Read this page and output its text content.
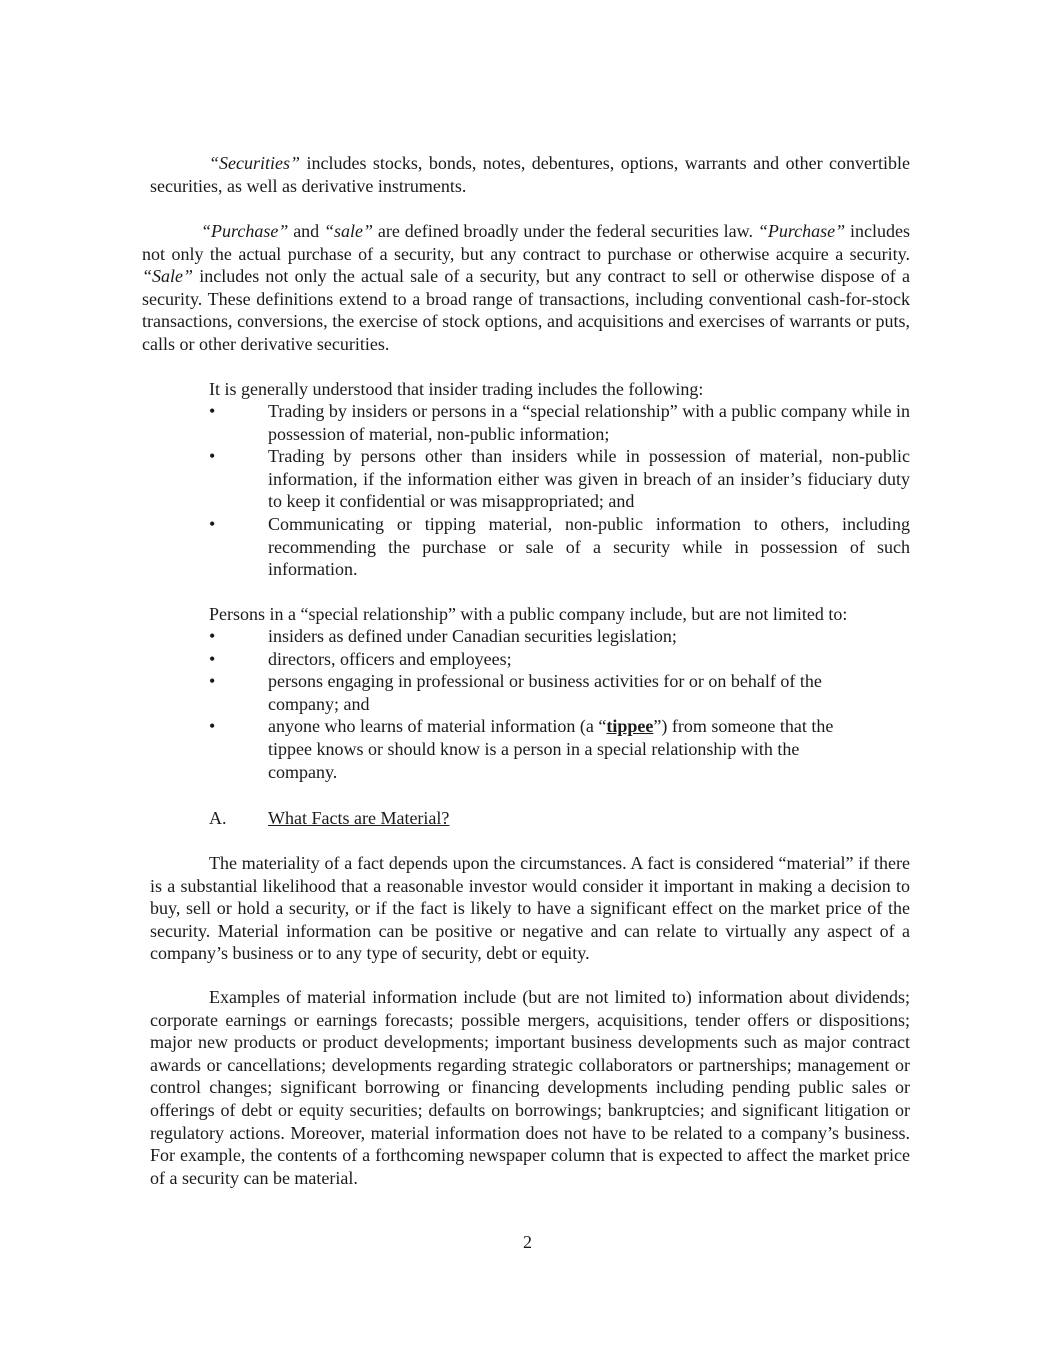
“Securities” includes stocks, bonds, notes, debentures, options, warrants and other convertible securities, as well as derivative instruments.

“Purchase” and “sale” are defined broadly under the federal securities law. “Purchase” includes not only the actual purchase of a security, but any contract to purchase or otherwise acquire a security. “Sale” includes not only the actual sale of a security, but any contract to sell or otherwise dispose of a security. These definitions extend to a broad range of transactions, including conventional cash-for-stock transactions, conversions, the exercise of stock options, and acquisitions and exercises of warrants or puts, calls or other derivative securities.

It is generally understood that insider trading includes the following:

•	Trading by insiders or persons in a “special relationship” with a public company while in possession of material, non-public information;
•	Trading by persons other than insiders while in possession of material, non-public information, if the information either was given in breach of an insider’s fiduciary duty to keep it confidential or was misappropriated; and
•	Communicating or tipping material, non-public information to others, including recommending the purchase or sale of a security while in possession of such information.

Persons in a “special relationship” with a public company include, but are not limited to:

•	insiders as defined under Canadian securities legislation;
•	directors, officers and employees;
•	persons engaging in professional or business activities for or on behalf of the company; and
•	anyone who learns of material information (a “tippee”) from someone that the tippee knows or should know is a person in a special relationship with the company.

A. What Facts are Material?

The materiality of a fact depends upon the circumstances. A fact is considered “material” if there is a substantial likelihood that a reasonable investor would consider it important in making a decision to buy, sell or hold a security, or if the fact is likely to have a significant effect on the market price of the security. Material information can be positive or negative and can relate to virtually any aspect of a company’s business or to any type of security, debt or equity.

Examples of material information include (but are not limited to) information about dividends; corporate earnings or earnings forecasts; possible mergers, acquisitions, tender offers or dispositions; major new products or product developments; important business developments such as major contract awards or cancellations; developments regarding strategic collaborators or partnerships; management or control changes; significant borrowing or financing developments including pending public sales or offerings of debt or equity securities; defaults on borrowings; bankruptcies; and significant litigation or regulatory actions. Moreover, material information does not have to be related to a company’s business. For example, the contents of a forthcoming newspaper column that is expected to affect the market price of a security can be material.

2
